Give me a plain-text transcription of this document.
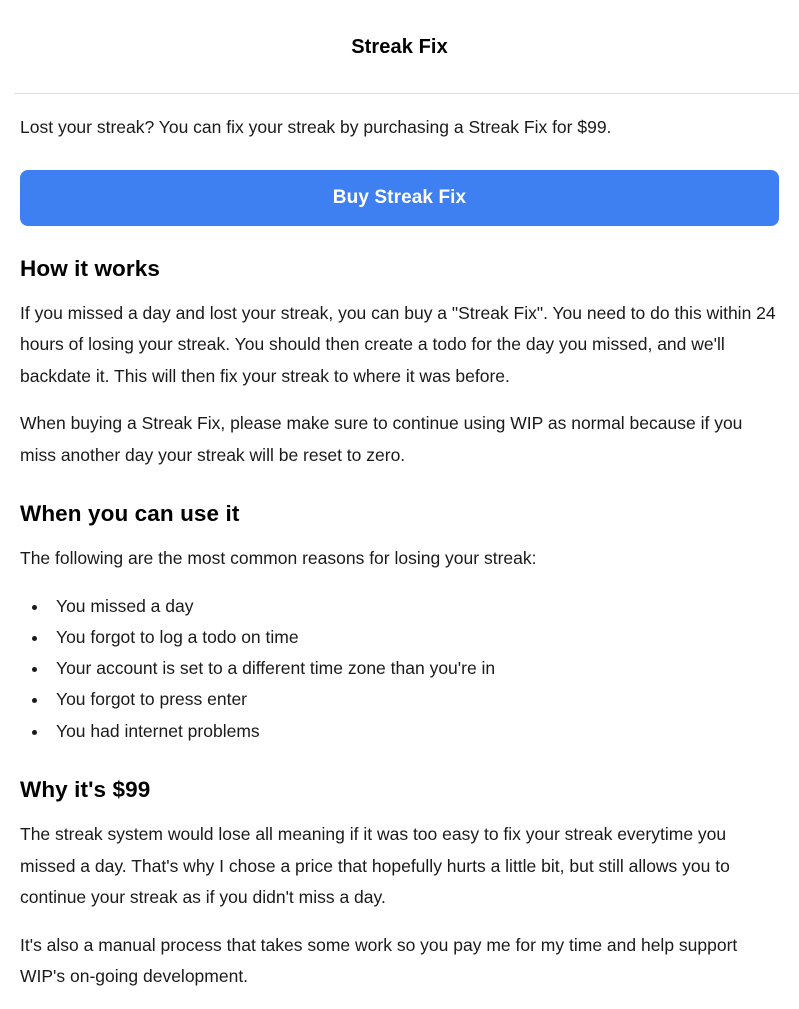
Streak Fix

Lost your streak? You can fix your streak by purchasing a Streak Fix for $99.

Buy Streak Fix
How it works

If you missed a day and lost your streak, you can buy a "Streak Fix". You need to do this within 24 hours of losing your streak. You should then create a todo for the day you missed, and we'll backdate it. This will then fix your streak to where it was before.

When buying a Streak Fix, please make sure to continue using WIP as normal because if you miss another day your streak will be reset to zero.

When you can use it

The following are the most common reasons for losing your streak:

• You missed a day
• You forgot to log a todo on time
• Your account is set to a different time zone than you're in
• You forgot to press enter
• You had internet problems
Why it's $99

The streak system would lose all meaning if it was too easy to fix your streak everytime you missed a day. That's why I chose a price that hopefully hurts a little bit, but still allows you to continue your streak as if you didn't miss a day.

It's also a manual process that takes some work so you pay me for my time and help support WIP's on-going development.
